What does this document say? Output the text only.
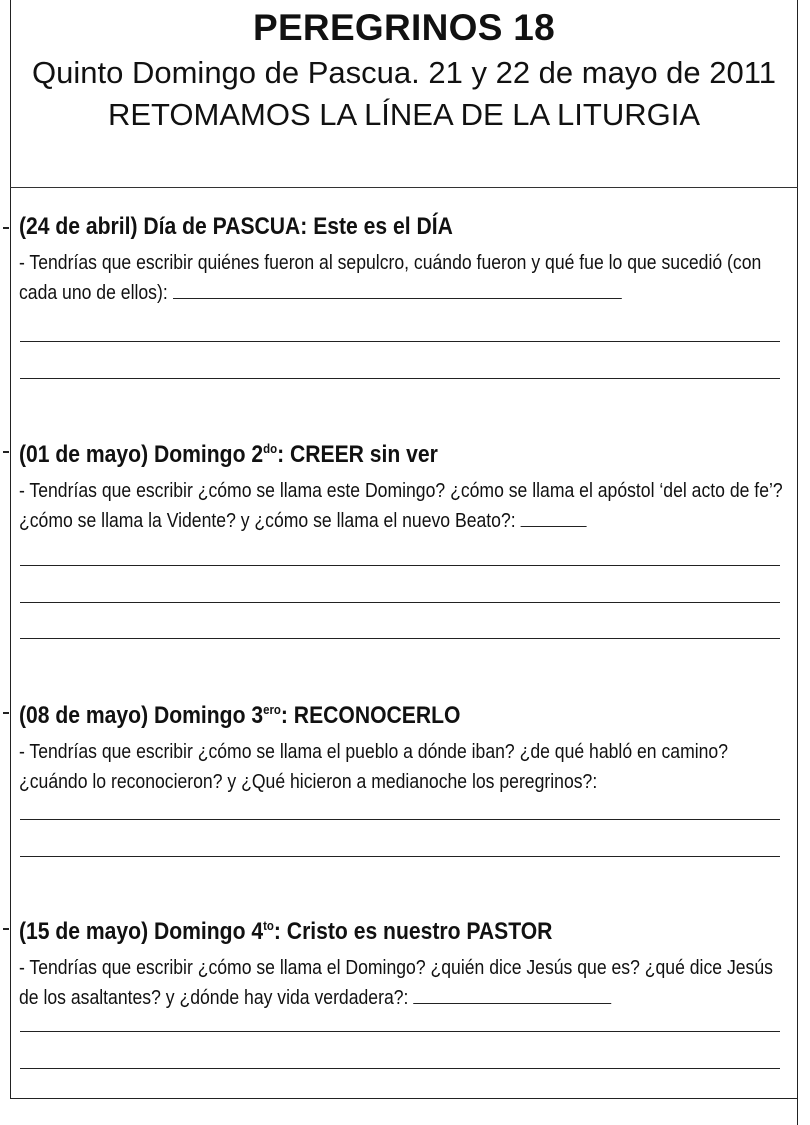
PEREGRINOS 18

Quinto Domingo de Pascua. 21 y 22 de mayo de 2011

RETOMAMOS LA LÍNEA DE LA LITURGIA

(24 de abril) Día de PASCUA: Este es el DÍA

- Tendrías que escribir quiénes fueron al sepulcro, cuándo fueron y qué fue lo que sucedió (con cada uno de ellos):

(01 de mayo) Domingo $2^{do}$: CREER sin ver

- Tendrías que escribir ¿cómo se llama este Domingo? ¿cómo se llama el apóstol ‘del acto de fe’? ¿cómo se llama la Vidente? y ¿cómo se llama el nuevo Beato?:

(08 de mayo) Domingo $3^{ero}$: RECONOCERLO

- Tendrías que escribir ¿cómo se llama el pueblo a dónde iban? ¿de qué habló en camino? ¿cuándo lo reconocieron? y ¿Qué hicieron a medianoche los peregrinos?:

(15 de mayo) Domingo $4^{to}$: Cristo es nuestro PASTOR

- Tendrías que escribir ¿cómo se llama el Domingo? ¿quién dice Jesús que es? ¿qué dice Jesús de los asaltantes? y ¿dónde hay vida verdadera?:
